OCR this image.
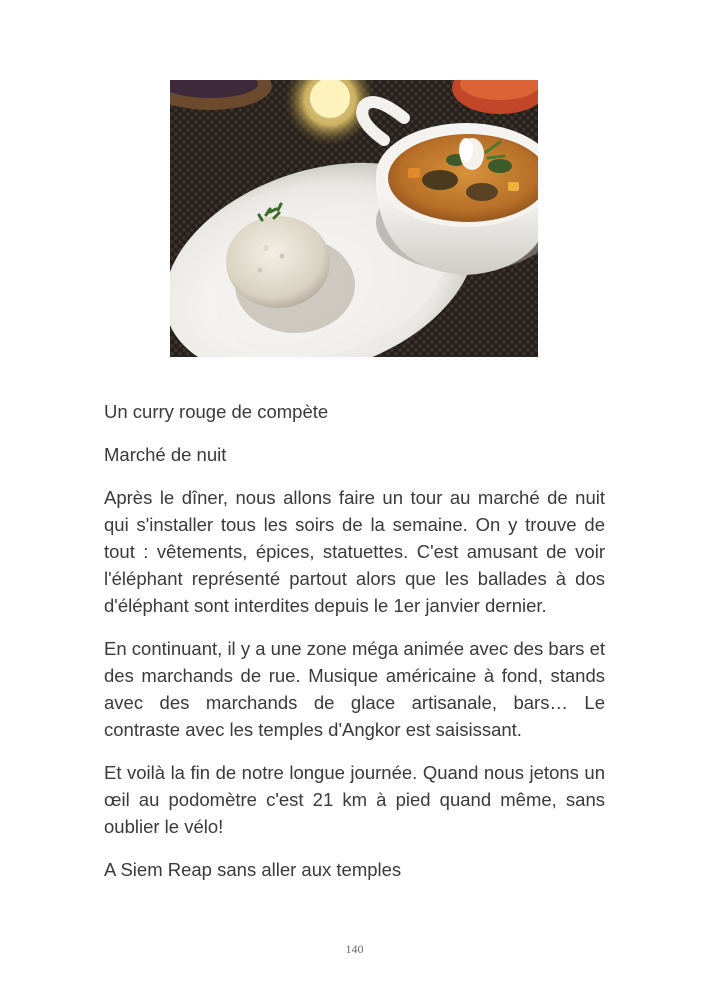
Un curry rouge de compète

Marché de nuit

Après le dîner, nous allons faire un tour au marché de nuit qui s'installer tous les soirs de la semaine. On y trouve de tout : vêtements, épices, statuettes. C'est amusant de voir l'éléphant représenté partout alors que les ballades à dos d'éléphant sont interdites depuis le 1er janvier dernier.

En continuant, il y a une zone méga animée avec des bars et des marchands de rue. Musique américaine à fond, stands avec des marchands de glace artisanale, bars… Le contraste avec les temples d'Angkor est saisissant.

Et voilà la fin de notre longue journée. Quand nous jetons un œil au podomètre c'est 21 km à pied quand même, sans oublier le vélo!

A Siem Reap sans aller aux temples

140
